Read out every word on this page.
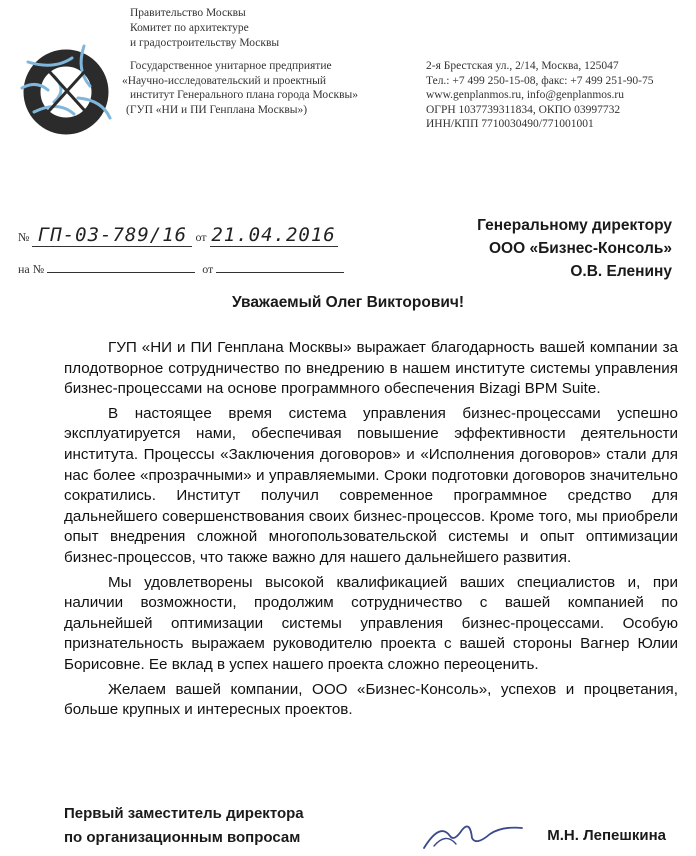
Правительство Москвы
Комитет по архитектуре
и градостроительству Москвы
Государственное унитарное предприятие
«Научно-исследовательский и проектный
институт Генерального плана города Москвы»
(ГУП «НИ и ПИ Генплана Москвы»)
2-я Брестская ул., 2/14, Москва, 125047
Тел.: +7 499 250-15-08, факс: +7 499 251-90-75
www.genplanmos.ru, info@genplanmos.ru
ОГРН 1037739311834, ОКПО 03997732
ИНН/КПП 7710030490/771001001
№ ГП-03-789/16 от 21.04.2016
на №	от
Генеральному директору
ООО «Бизнес-Консоль»
О.В. Еленину
Уважаемый Олег Викторович!

ГУП «НИ и ПИ Генплана Москвы» выражает благодарность вашей компании за плодотворное сотрудничество по внедрению в нашем институте системы управления бизнес-процессами на основе программного обеспечения Bizagi BPM Suite.

В настоящее время система управления бизнес-процессами успешно эксплуатируется нами, обеспечивая повышение эффективности деятельности института. Процессы «Заключения договоров» и «Исполнения договоров» стали для нас более «прозрачными» и управляемыми. Сроки подготовки договоров значительно сократились. Институт получил современное программное средство для дальнейшего совершенствования своих бизнес-процессов. Кроме того, мы приобрели опыт внедрения сложной многопользовательской системы и опыт оптимизации бизнес-процессов, что также важно для нашего дальнейшего развития.

Мы удовлетворены высокой квалификацией ваших специалистов и, при наличии возможности, продолжим сотрудничество с вашей компанией по дальнейшей оптимизации системы управления бизнес-процессами. Особую признательность выражаем руководителю проекта с вашей стороны Вагнер Юлии Борисовне. Ее вклад в успех нашего проекта сложно переоценить.

Желаем вашей компании, ООО «Бизнес-Консоль», успехов и процветания, больше крупных и интересных проектов.

Первый заместитель директора
по организационным вопросам	М.Н. Лепешкина
